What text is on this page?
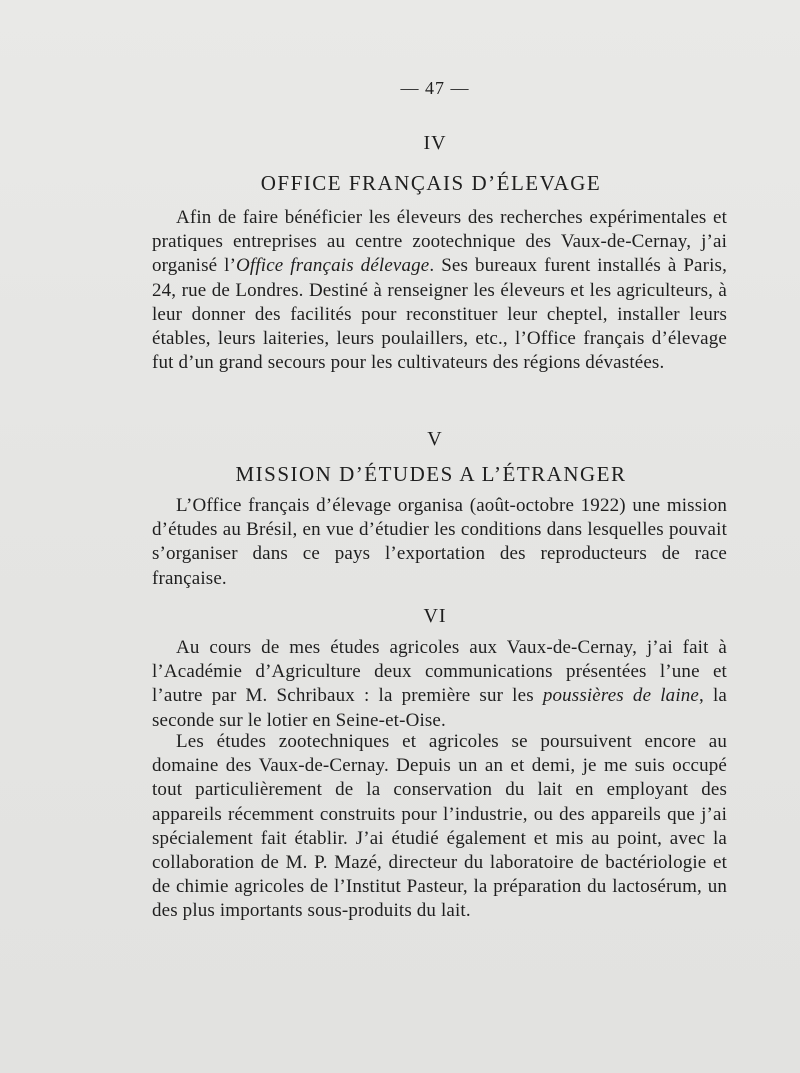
— 47 —
IV
OFFICE FRANÇAIS D’ÉLEVAGE
Afin de faire bénéficier les éleveurs des recherches expérimentales et pratiques entreprises au centre zootechnique des Vaux-de-Cernay, j’ai organisé l’Office français délevage. Ses bureaux furent installés à Paris, 24, rue de Londres. Destiné à renseigner les éleveurs et les agriculteurs, à leur donner des facilités pour reconstituer leur cheptel, installer leurs étables, leurs laiteries, leurs poulaillers, etc., l’Office français d’élevage fut d’un grand secours pour les cultivateurs des régions dévastées.
V
MISSION D’ÉTUDES A L’ÉTRANGER
L’Office français d’élevage organisa (août-octobre 1922) une mission d’études au Brésil, en vue d’étudier les conditions dans lesquelles pouvait s’organiser dans ce pays l’exportation des reproducteurs de race française.
VI
Au cours de mes études agricoles aux Vaux-de-Cernay, j’ai fait à l’Académie d’Agriculture deux communications présentées l’une et l’autre par M. Schribaux : la première sur les poussières de laine, la seconde sur le lotier en Seine-et-Oise.
Les études zootechniques et agricoles se poursuivent encore au domaine des Vaux-de-Cernay. Depuis un an et demi, je me suis occupé tout particulièrement de la conservation du lait en employant des appareils récemment construits pour l’industrie, ou des appareils que j’ai spécialement fait établir. J’ai étudié également et mis au point, avec la collaboration de M. P. Mazé, directeur du laboratoire de bactériologie et de chimie agricoles de l’Institut Pasteur, la préparation du lactosérum, un des plus importants sous-produits du lait.
